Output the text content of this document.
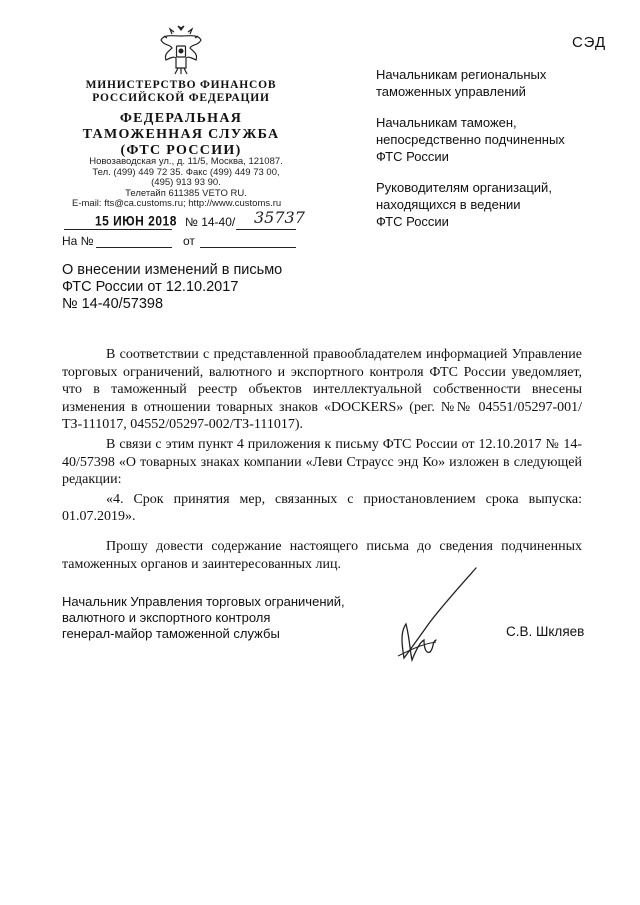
СЭД
МИНИСТЕРСТВО ФИНАНСОВ
РОССИЙСКОЙ ФЕДЕРАЦИИ
ФЕДЕРАЛЬНАЯ
ТАМОЖЕННАЯ СЛУЖБА
(ФТС РОССИИ)
Новозаводская ул., д. 11/5, Москва, 121087.
Тел. (499) 449 72 35. Факс (499) 449 73 00,
(495) 913 93 90.
Телетайп 611385 VETO RU.
E-mail: fts@ca.customs.ru; http://www.customs.ru
15 ИЮН 2018 № 14-40/ 35737
На №	от

Начальникам региональных
таможенных управлений

Начальникам таможен,
непосредственно подчиненных
ФТС России

Руководителям организаций,
находящихся в ведении
ФТС России

О внесении изменений в письмо
ФТС России от 12.10.2017
№ 14-40/57398

В соответствии с представленной правообладателем информацией Управление торговых ограничений, валютного и экспортного контроля ФТС России уведомляет, что в таможенный реестр объектов интеллектуальной собственности внесены изменения в отношении товарных знаков «DOCKERS» (рег. №№ 04551/05297-001/ТЗ-111017, 04552/05297-002/ТЗ-111017).

В связи с этим пункт 4 приложения к письму ФТС России от 12.10.2017 № 14-40/57398 «О товарных знаках компании «Леви Страусс энд Ко» изложен в следующей редакции:

«4. Срок принятия мер, связанных с приостановлением срока выпуска: 01.07.2019».

Прошу довести содержание настоящего письма до сведения подчиненных таможенных органов и заинтересованных лиц.

Начальник Управления торговых ограничений,
валютного и экспортного контроля
генерал-майор таможенной службы	С.В. Шкляев
